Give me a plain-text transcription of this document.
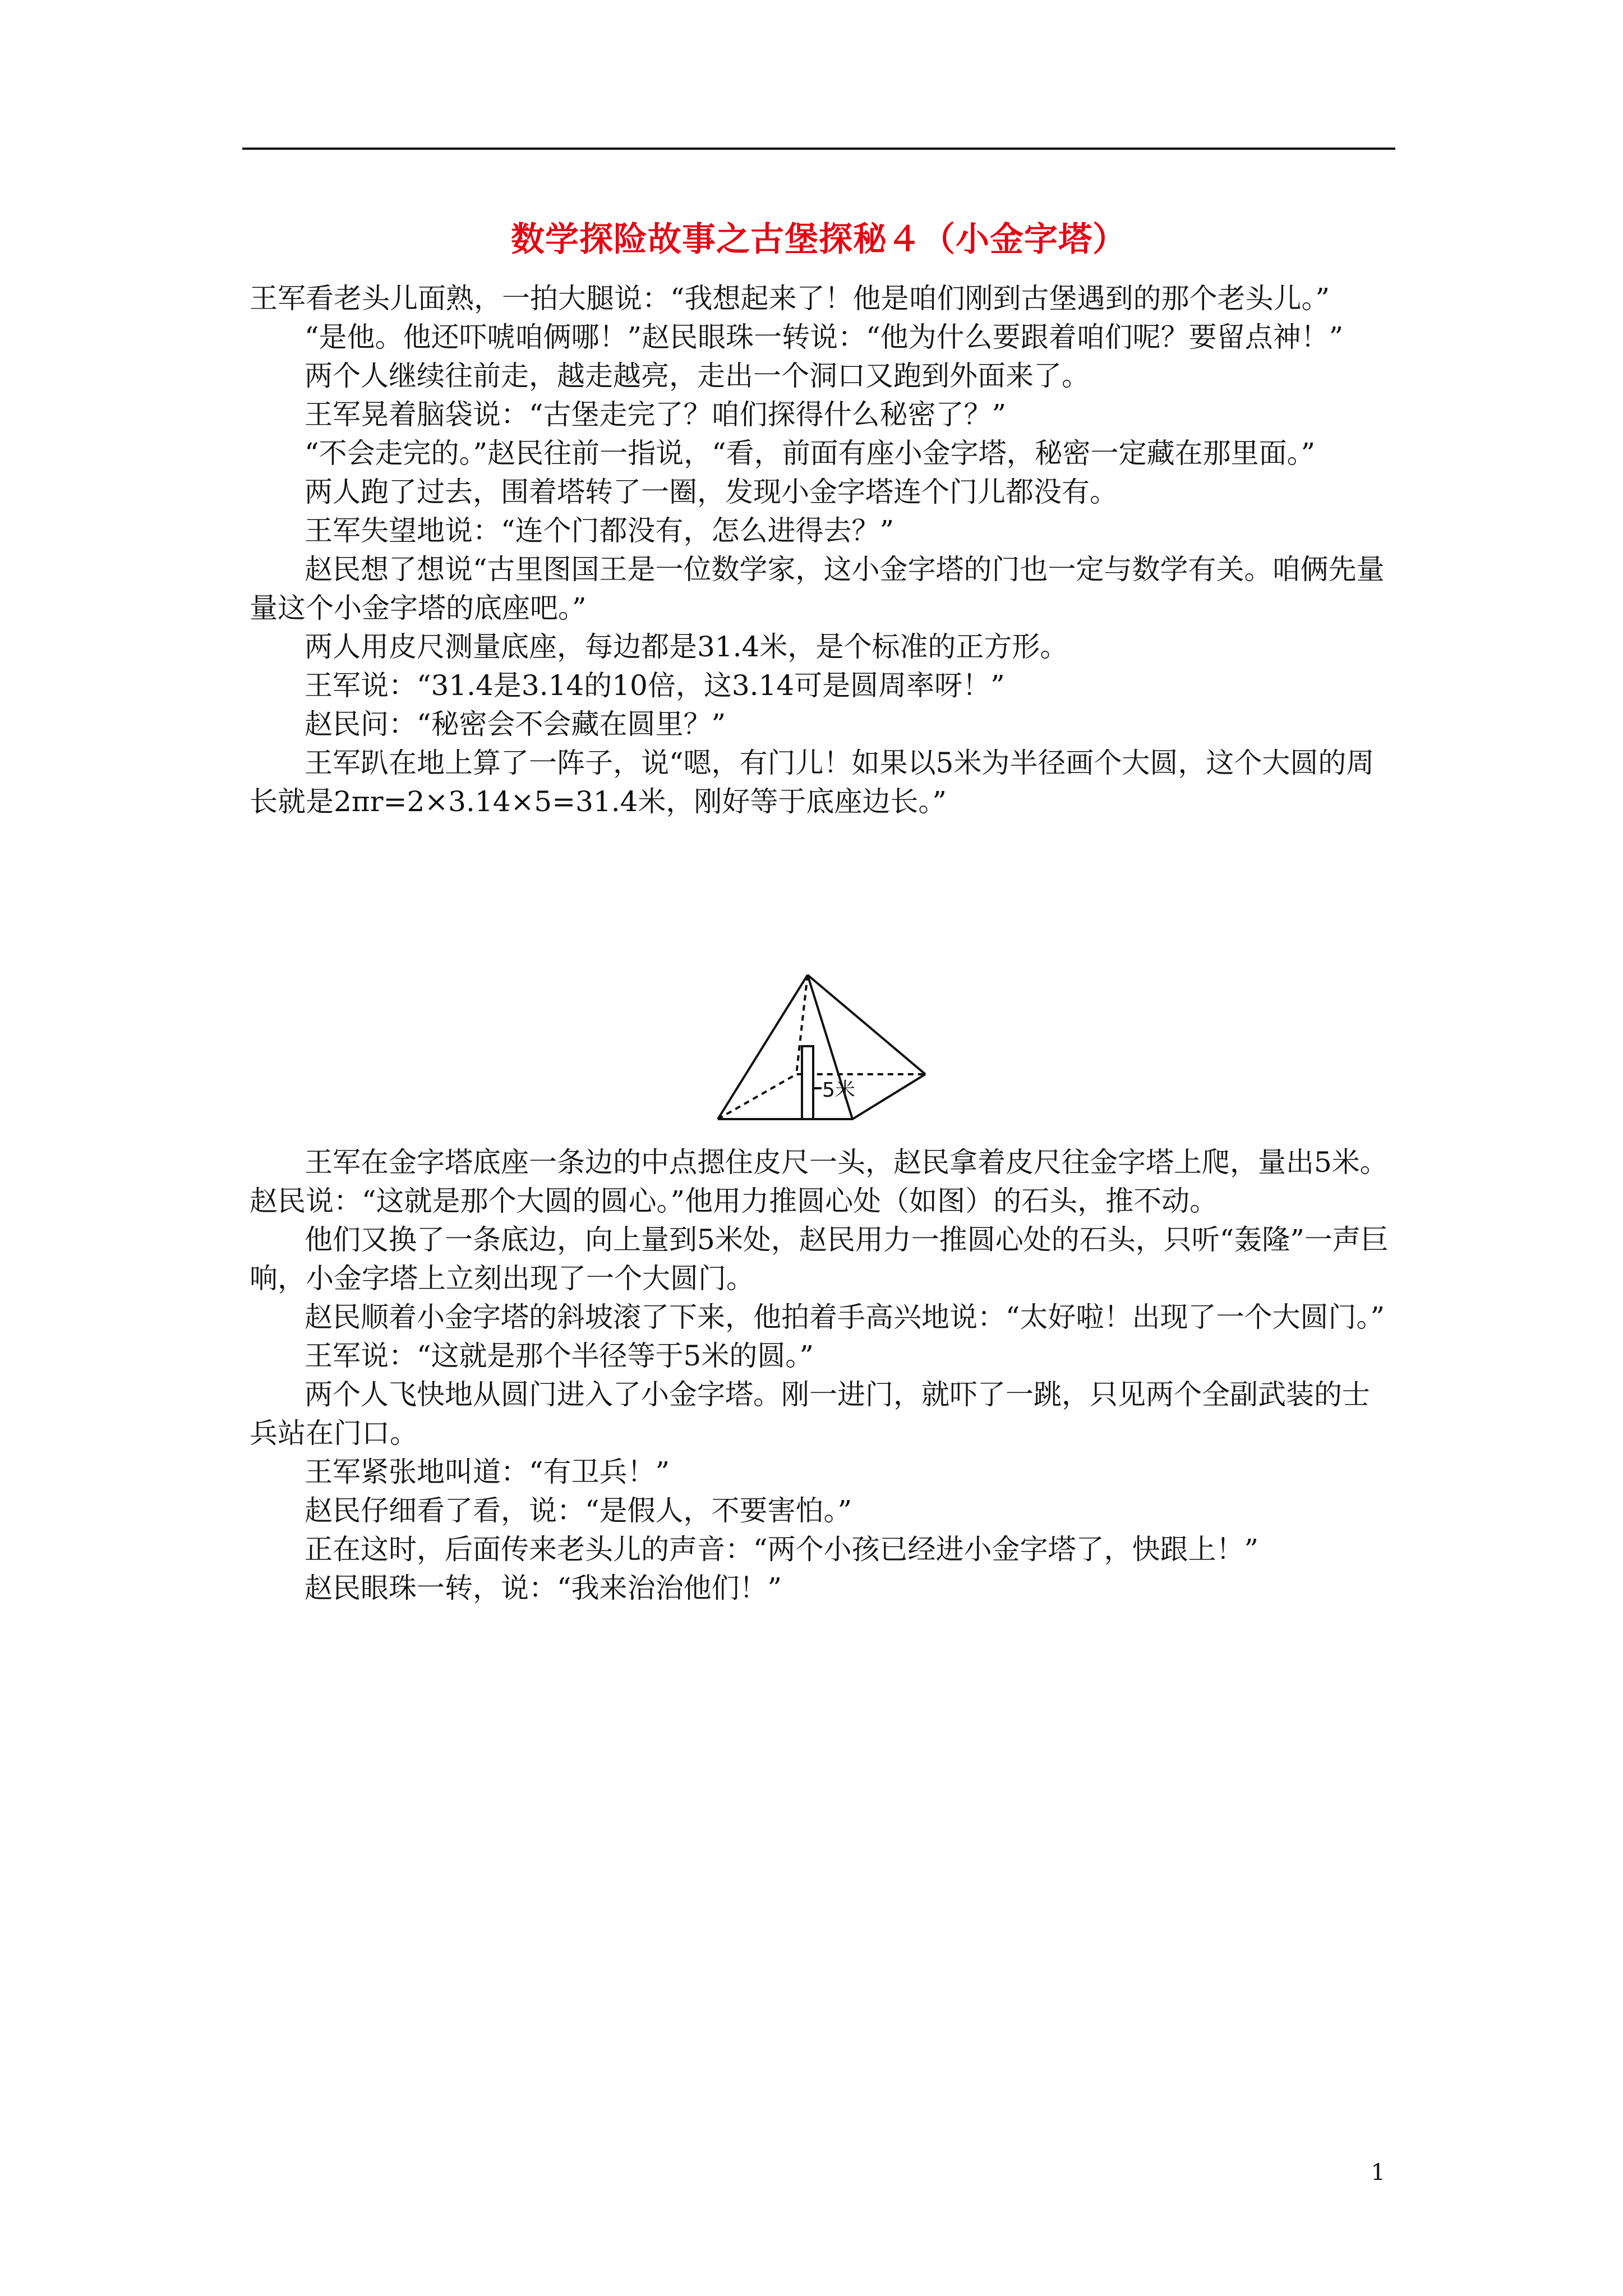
数学探险故事之古堡探秘４（小金字塔）

王军看老头儿面熟，一拍大腿说：“我想起来了！他是咱们刚到古堡遇到的那个老头儿。”

“是他。他还吓唬咱俩哪！”赵民眼珠一转说：“他为什么要跟着咱们呢？要留点神！”

两个人继续往前走，越走越亮，走出一个洞口又跑到外面来了。

王军晃着脑袋说：“古堡走完了？咱们探得什么秘密了？”

“不会走完的。”赵民往前一指说，“看，前面有座小金字塔，秘密一定藏在那里面。”

两人跑了过去，围着塔转了一圈，发现小金字塔连个门儿都没有。

王军失望地说：“连个门都没有，怎么进得去？”

赵民想了想说“古里图国王是一位数学家，这小金字塔的门也一定与数学有关。咱俩先量量这个小金字塔的底座吧。”

两人用皮尺测量底座，每边都是31.4米，是个标准的正方形。

王军说：“31.4是3.14的10倍，这3.14可是圆周率呀！”

赵民问：“秘密会不会藏在圆里？”

王军趴在地上算了一阵子，说“嗯，有门儿！如果以5米为半径画个大圆，这个大圆的周长就是2πr=2×3.14×5=31.4米，刚好等于底座边长。”

5米

王军在金字塔底座一条边的中点摁住皮尺一头，赵民拿着皮尺往金字塔上爬，量出5米。赵民说：“这就是那个大圆的圆心。”他用力推圆心处（如图）的石头，推不动。

他们又换了一条底边，向上量到5米处，赵民用力一推圆心处的石头，只听“轰隆”一声巨响，小金字塔上立刻出现了一个大圆门。

赵民顺着小金字塔的斜坡滚了下来，他拍着手高兴地说：“太好啦！出现了一个大圆门。”

王军说：“这就是那个半径等于5米的圆。”

两个人飞快地从圆门进入了小金字塔。刚一进门，就吓了一跳，只见两个全副武装的士兵站在门口。

王军紧张地叫道：“有卫兵！”

赵民仔细看了看，说：“是假人，不要害怕。”

正在这时，后面传来老头儿的声音：“两个小孩已经进小金字塔了，快跟上！”

赵民眼珠一转，说：“我来治治他们！”

1
